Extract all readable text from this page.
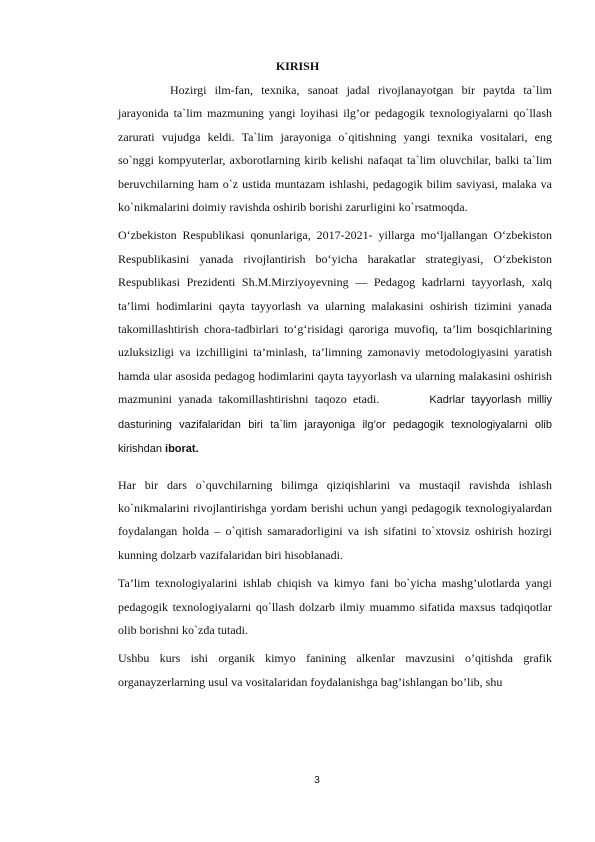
KIRISH

Hozirgi ilm-fan, texnika, sanoat jadal rivojlanayotgan bir paytda ta`lim jarayonida ta`lim mazmuning yangi loyihasi ilg’or pedagogik texnologiyalarni qo`llash zarurati vujudga keldi. Ta`lim jarayoniga o`qitishning yangi texnika vositalari, eng so`nggi kompyuterlar, axborotlarning kirib kelishi nafaqat ta`lim oluvchilar, balki ta`lim beruvchilarning ham o`z ustida muntazam ishlashi, pedagogik bilim saviyasi, malaka va ko`nikmalarini doimiy ravishda oshirib borishi zarurligini ko`rsatmoqda.

O‘zbekiston Respublikasi qonunlariga, 2017-2021- yillarga mo‘ljallangan O‘zbekiston Respublikasini yanada rivojlantirish bo‘yicha harakatlar strategiyasi, O‘zbekiston Respublikasi Prezidenti Sh.M.Mirziyoyevning — Pedagog kadrlarni tayyorlash, xalq ta’limi hodimlarini qayta tayyorlash va ularning malakasini oshirish tizimini yanada takomillashtirish chora-tadbirlari to‘g‘risidagi qaroriga muvofiq, ta’lim bosqichlarining uzluksizligi va izchilligini ta’minlash, ta’limning zamonaviy metodologiyasini yaratish hamda ular asosida pedagog hodimlarini qayta tayyorlash va ularning malakasini oshirish mazmunini yanada takomillashtirishni taqozo etadi.	Kadrlar tayyorlash milliy dasturining vazifalaridan biri ta`lim jarayoniga ilg’or pedagogik texnologiyalarni olib kirishdan iborat.

Har bir dars o`quvchilarning bilimga qiziqishlarini va mustaqil ravishda ishlash ko`nikmalarini rivojlantirishga yordam berishi uchun yangi pedagogik texnologiyalardan foydalangan holda – o`qitish samaradorligini va ish sifatini to`xtovsiz oshirish hozirgi kunning dolzarb vazifalaridan biri hisoblanadi.

Ta’lim texnologiyalarini ishlab chiqish va kimyo fani bo`yicha mashg’ulotlarda yangi pedagogik texnologiyalarni qo`llash dolzarb ilmiy muammo sifatida maxsus tadqiqotlar olib borishni ko`zda tutadi.

Ushbu kurs ishi organik kimyo fanining alkenlar mavzusini o’qitishda grafik organayzerlarning usul va vositalaridan foydalanishga bag’ishlangan bo’lib, shu

3
